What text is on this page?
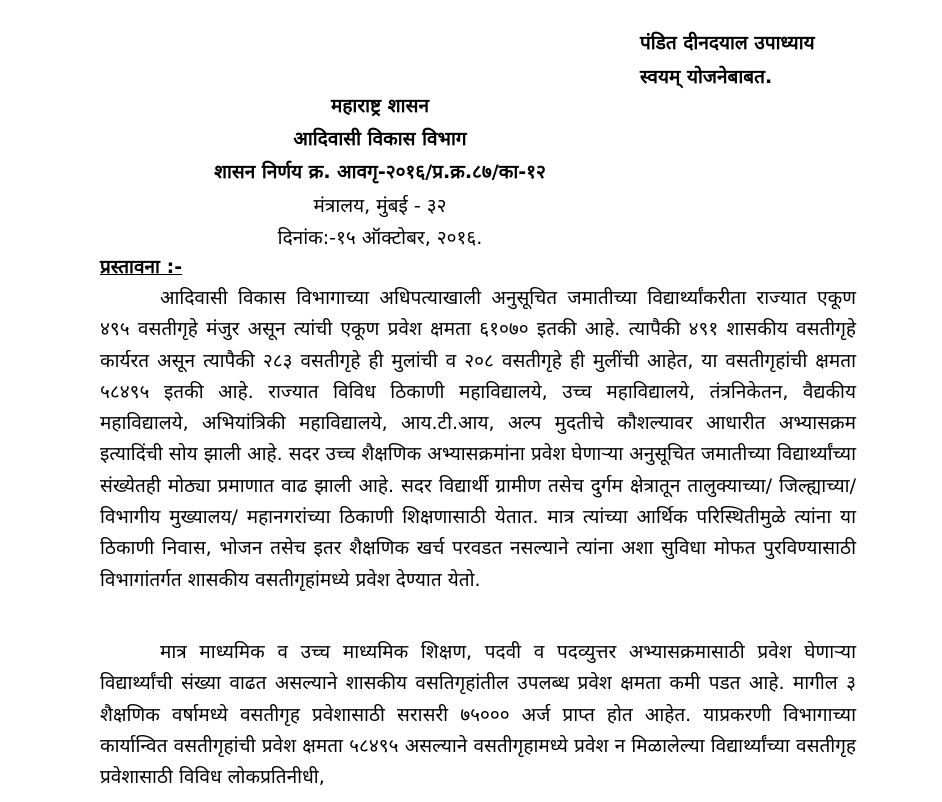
पंडित दीनदयाल उपाध्याय
स्वयम् योजनेबाबत.
महाराष्ट्र शासन
आदिवासी विकास विभाग
शासन निर्णय क्र. आवगृ-२०१६/प्र.क्र.८७/का-१२
मंत्रालय, मुंबई - ३२
दिनांक:-१५ ऑक्टोबर, २०१६.
प्रस्तावना :-

आदिवासी विकास विभागाच्या अधिपत्याखाली अनुसूचित जमातीच्या विद्यार्थ्यांकरीता राज्यात एकूण ४९५ वसतीगृहे मंजुर असून त्यांची एकूण प्रवेश क्षमता ६१०७० इतकी आहे. त्यापैकी ४९१ शासकीय वसतीगृहे कार्यरत असून त्यापैकी २८३ वसतीगृहे ही मुलांची व २०८ वसतीगृहे ही मुलींची आहेत, या वसतीगृहांची क्षमता ५८४९५ इतकी आहे. राज्यात विविध ठिकाणी महाविद्यालये, उच्च महाविद्यालये, तंत्रनिकेतन, वैद्यकीय महाविद्यालये, अभियांत्रिकी महाविद्यालये, आय.टी.आय, अल्प मुदतीचे कौशल्यावर आधारीत अभ्यासक्रम इत्यादिंची सोय झाली आहे. सदर उच्च शैक्षणिक अभ्यासक्रमांना प्रवेश घेणाऱ्या अनुसूचित जमातीच्या विद्यार्थ्यांच्या संख्येतही मोठ्या प्रमाणात वाढ झाली आहे. सदर विद्यार्थी ग्रामीण तसेच दुर्गम क्षेत्रातून तालुक्याच्या/ जिल्ह्याच्या/ विभागीय मुख्यालय/ महानगरांच्या ठिकाणी शिक्षणासाठी येतात. मात्र त्यांच्या आर्थिक परिस्थितीमुळे त्यांना या ठिकाणी निवास, भोजन तसेच इतर शैक्षणिक खर्च परवडत नसल्याने त्यांना अशा सुविधा मोफत पुरविण्यासाठी विभागांतर्गत शासकीय वसतीगृहांमध्ये प्रवेश देण्यात येतो.

मात्र माध्यमिक व उच्च माध्यमिक शिक्षण, पदवी व पदव्युत्तर अभ्यासक्रमासाठी प्रवेश घेणाऱ्या विद्यार्थ्यांची संख्या वाढत असल्याने शासकीय वसतिगृहांतील उपलब्ध प्रवेश क्षमता कमी पडत आहे. मागील ३ शैक्षणिक वर्षामध्ये वसतीगृह प्रवेशासाठी सरासरी ७५००० अर्ज प्राप्त होत आहेत. याप्रकरणी विभागाच्या कार्यान्वित वसतीगृहांची प्रवेश क्षमता ५८४९५ असल्याने वसतीगृहामध्ये प्रवेश न मिळालेल्या विद्यार्थ्यांच्या वसतीगृह प्रवेशासाठी विविध लोकप्रतिनीधी,
